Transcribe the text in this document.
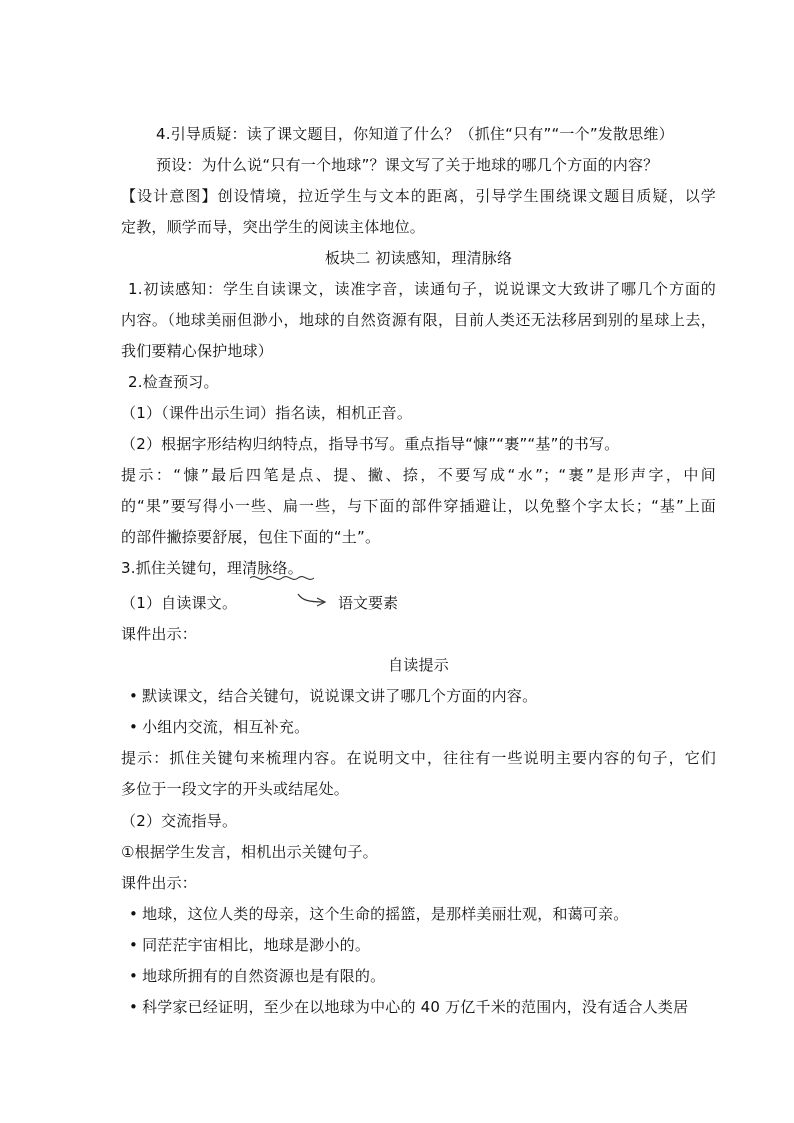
4.引导质疑：读了课文题目，你知道了什么？（抓住“只有”“一个”发散思维）
预设：为什么说“只有一个地球”？课文写了关于地球的哪几个方面的内容？
【设计意图】创设情境，拉近学生与文本的距离，引导学生围绕课文题目质疑，以学
定教，顺学而导，突出学生的阅读主体地位。
板块二 初读感知，理清脉络
1.初读感知：学生自读课文，读准字音，读通句子，说说课文大致讲了哪几个方面的
内容。（地球美丽但渺小，地球的自然资源有限，目前人类还无法移居到别的星球上去，
我们要精心保护地球）
2.检查预习。
（1）（课件出示生词）指名读，相机正音。
（2）根据字形结构归纳特点，指导书写。重点指导“慷”“裹”“基”的书写。
提示：“慷”最后四笔是点、提、撇、捺，不要写成“水”；“裹”是形声字，中间
的“果”要写得小一些、扁一些，与下面的部件穿插避让，以免整个字太长；“基”上面
的部件撇捺要舒展，包住下面的“土”。
3.抓住关键句，理清脉络。
（1）自读课文。	语文要素
课件出示：
自读提示
• 默读课文，结合关键句，说说课文讲了哪几个方面的内容。
• 小组内交流，相互补充。
提示：抓住关键句来梳理内容。在说明文中，往往有一些说明主要内容的句子，它们
多位于一段文字的开头或结尾处。
（2）交流指导。
①根据学生发言，相机出示关键句子。
课件出示：
• 地球，这位人类的母亲，这个生命的摇篮，是那样美丽壮观，和蔼可亲。
• 同茫茫宇宙相比，地球是渺小的。
• 地球所拥有的自然资源也是有限的。
• 科学家已经证明，至少在以地球为中心的 40 万亿千米的范围内，没有适合人类居
